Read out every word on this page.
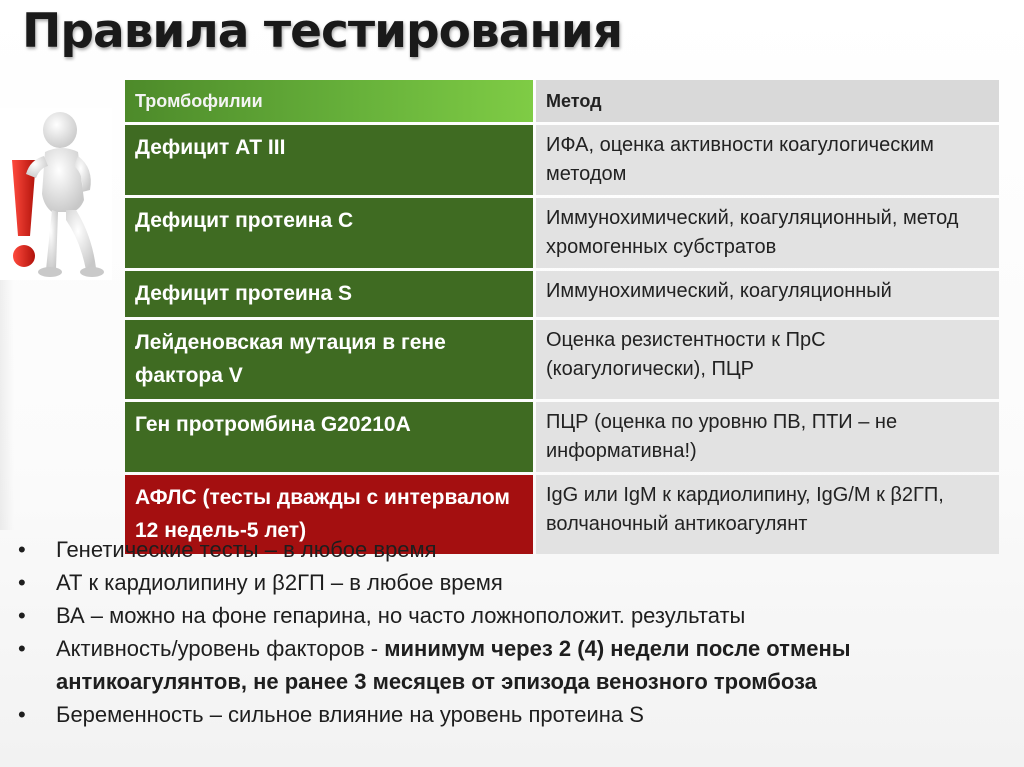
Правила тестирования
Тромбофилии	Метод
Дефицит АТ III	ИФА, оценка активности коагулогическим методом
Дефицит протеина С	Иммунохимический, коагуляционный, метод хромогенных субстратов
Дефицит протеина S	Иммунохимический, коагуляционный
Лейденовская мутация в гене фактора V	Оценка резистентности к ПрС (коагулогически), ПЦР
Ген протромбина G20210A	ПЦР (оценка по уровню ПВ, ПТИ – не информативна!)
АФЛС (тесты дважды с интервалом 12 недель-5 лет)	IgG или IgM к кардиолипину, IgG/M к β2ГП, волчаночный антикоагулянт
• Генетические тесты – в любое время
• АТ к кардиолипину и β2ГП – в любое время
• ВА – можно на фоне гепарина, но часто ложноположит. результаты
• Активность/уровень факторов - минимум через 2 (4) недели после отмены антикоагулянтов, не ранее 3 месяцев от эпизода венозного тромбоза
• Беременность – сильное влияние на уровень протеина S
